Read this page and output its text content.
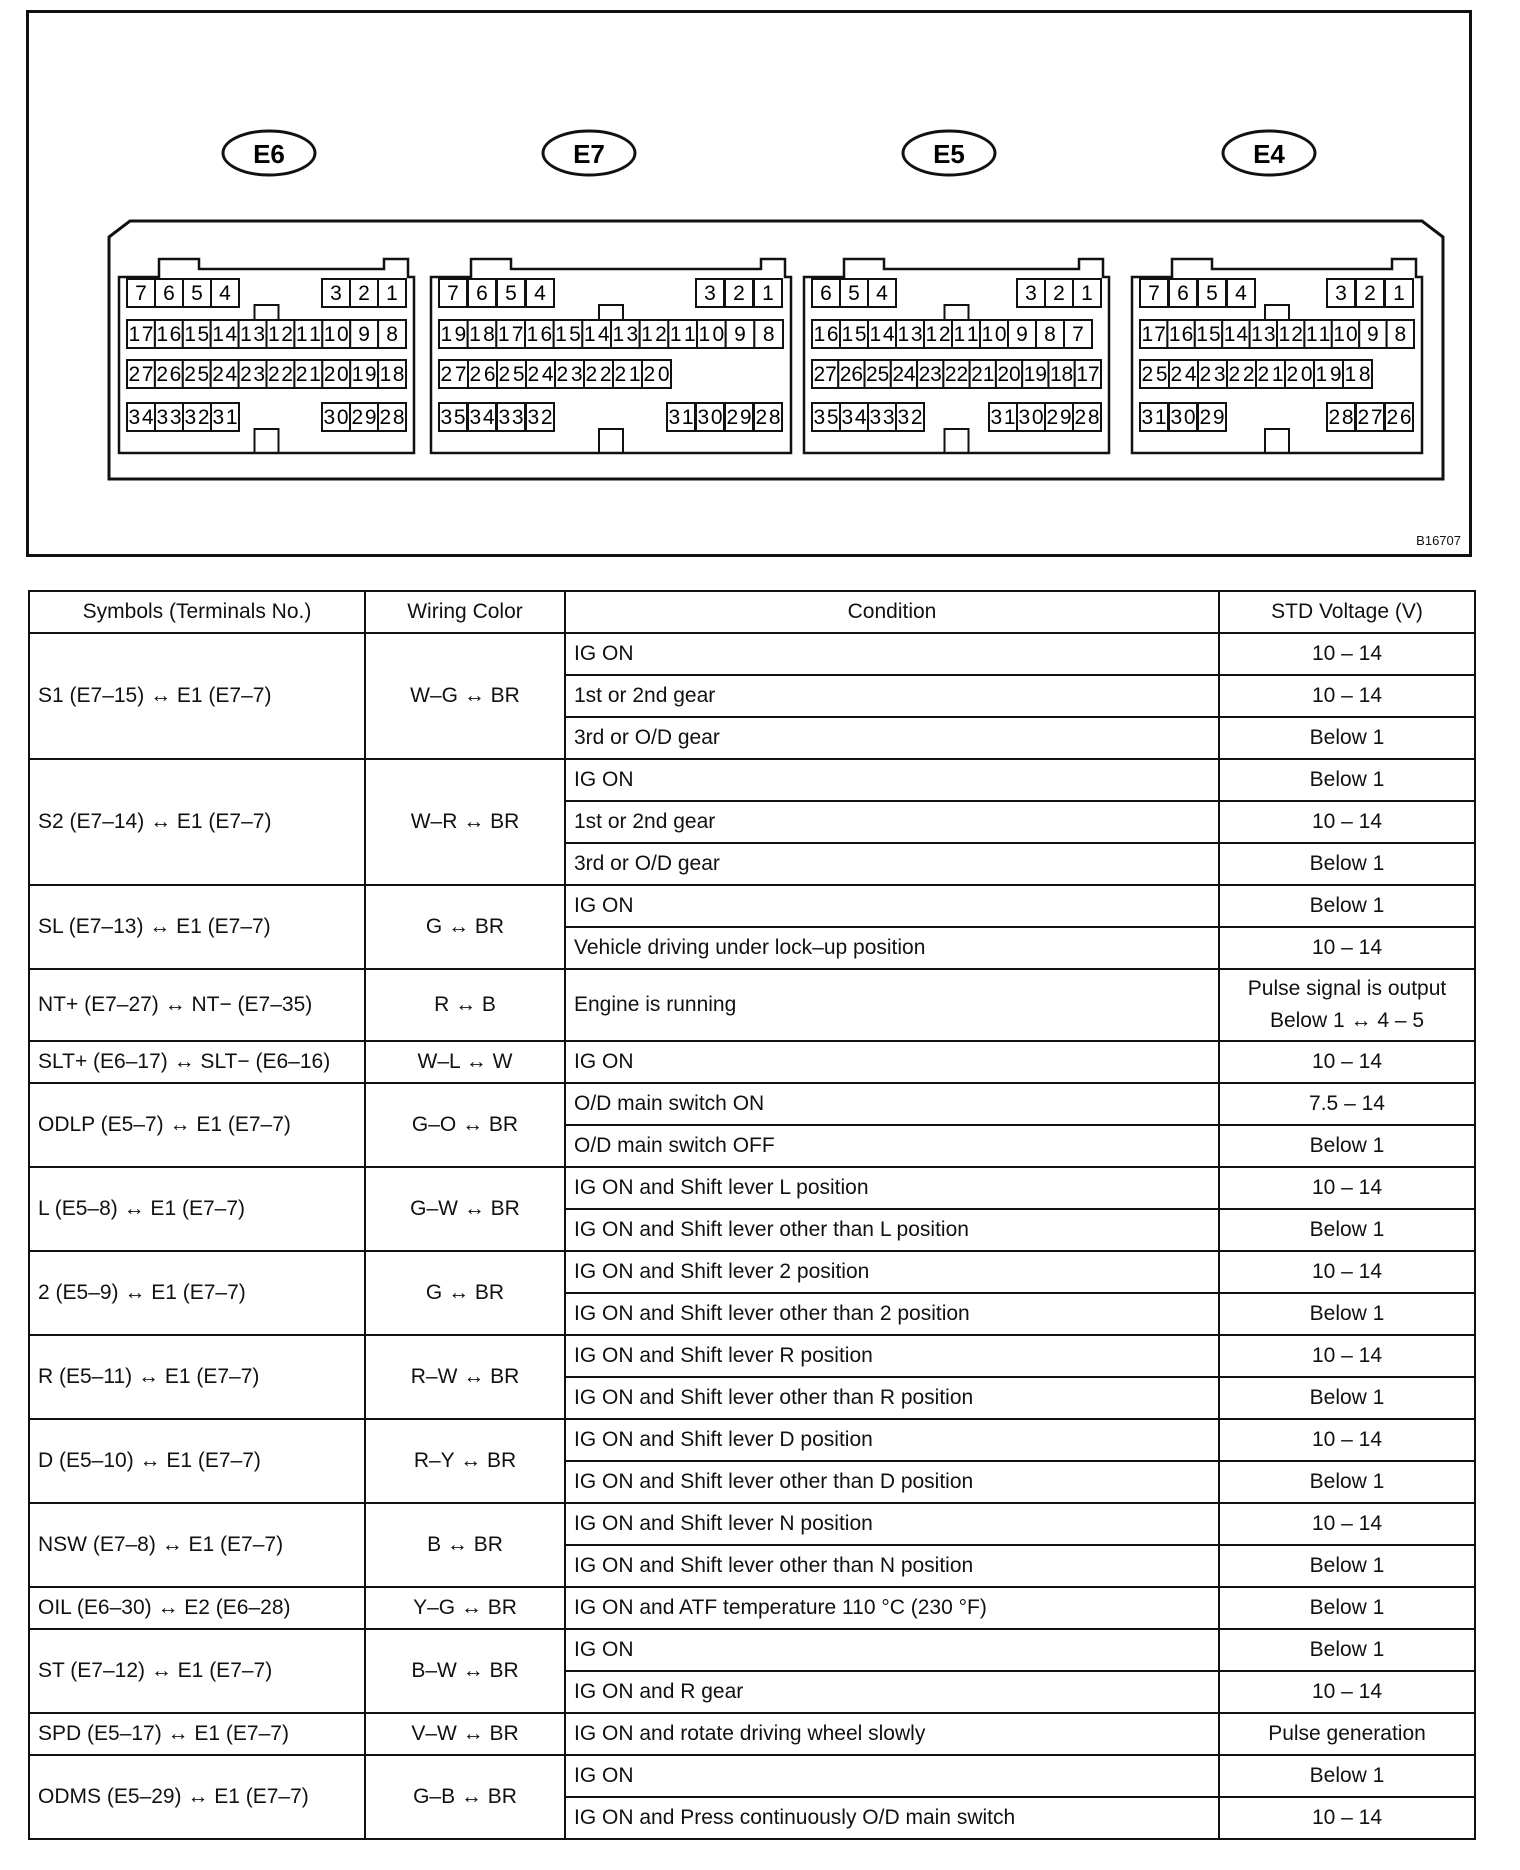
E6
7 6 5 4	3 2 1
17 16 15 14 13 12 11 10 9 8
27 26 25 24 23 22 21 20 19 18
34 33 32 31	30 29 28
E7
7 6 5 4	3 2 1
19 18 17 16 15 14 13 12 11 10 9 8
27 26 25 24 23 22 21 20
35 34 33 32	31 30 29 28
E5
6 5 4	3 2 1
16 15 14 13 12 11 10 9 8 7
27 26 25 24 23 22 21 20 19 18 17
35 34 33 32	31 30 29 28
E4
7 6 5 4	3 2 1
17 16 15 14 13 12 11 10 9 8
25 24 23 22 21 20 19 18
31 30 29	28 27 26
B16707
Symbols (Terminals No.)	Wiring Color	Condition	STD Voltage (V)
S1 (E7–15) ↔ E1 (E7–7)	W–G ↔ BR	IG ON	10 – 14
		1st or 2nd gear	10 – 14
		3rd or O/D gear	Below 1
S2 (E7–14) ↔ E1 (E7–7)	W–R ↔ BR	IG ON	Below 1
		1st or 2nd gear	10 – 14
		3rd or O/D gear	Below 1
SL (E7–13) ↔ E1 (E7–7)	G ↔ BR	IG ON	Below 1
		Vehicle driving under lock–up position	10 – 14
NT+ (E7–27) ↔ NT− (E7–35)	R ↔ B	Engine is running	Pulse signal is output
Below 1 ↔ 4 – 5

SLT+ (E6–17) ↔ SLT− (E6–16)	W–L ↔ W	IG ON	10 – 14
ODLP (E5–7) ↔ E1 (E7–7)	G–O ↔ BR	O/D main switch ON	7.5 – 14
		O/D main switch OFF	Below 1
L (E5–8) ↔ E1 (E7–7)	G–W ↔ BR	IG ON and Shift lever L position	10 – 14
		IG ON and Shift lever other than L position	Below 1
2 (E5–9) ↔ E1 (E7–7)	G ↔ BR	IG ON and Shift lever 2 position	10 – 14
		IG ON and Shift lever other than 2 position	Below 1
R (E5–11) ↔ E1 (E7–7)	R–W ↔ BR	IG ON and Shift lever R position	10 – 14
		IG ON and Shift lever other than R position	Below 1
D (E5–10) ↔ E1 (E7–7)	R–Y ↔ BR	IG ON and Shift lever D position	10 – 14
		IG ON and Shift lever other than D position	Below 1
NSW (E7–8) ↔ E1 (E7–7)	B ↔ BR	IG ON and Shift lever N position	10 – 14
		IG ON and Shift lever other than N position	Below 1
OIL (E6–30) ↔ E2 (E6–28)	Y–G ↔ BR	IG ON and ATF temperature 110 °C (230 °F)	Below 1
ST (E7–12) ↔ E1 (E7–7)	B–W ↔ BR	IG ON	Below 1
		IG ON and R gear	10 – 14
SPD (E5–17) ↔ E1 (E7–7)	V–W ↔ BR	IG ON and rotate driving wheel slowly	Pulse generation
ODMS (E5–29) ↔ E1 (E7–7)	G–B ↔ BR	IG ON	Below 1
		IG ON and Press continuously O/D main switch	10 – 14
